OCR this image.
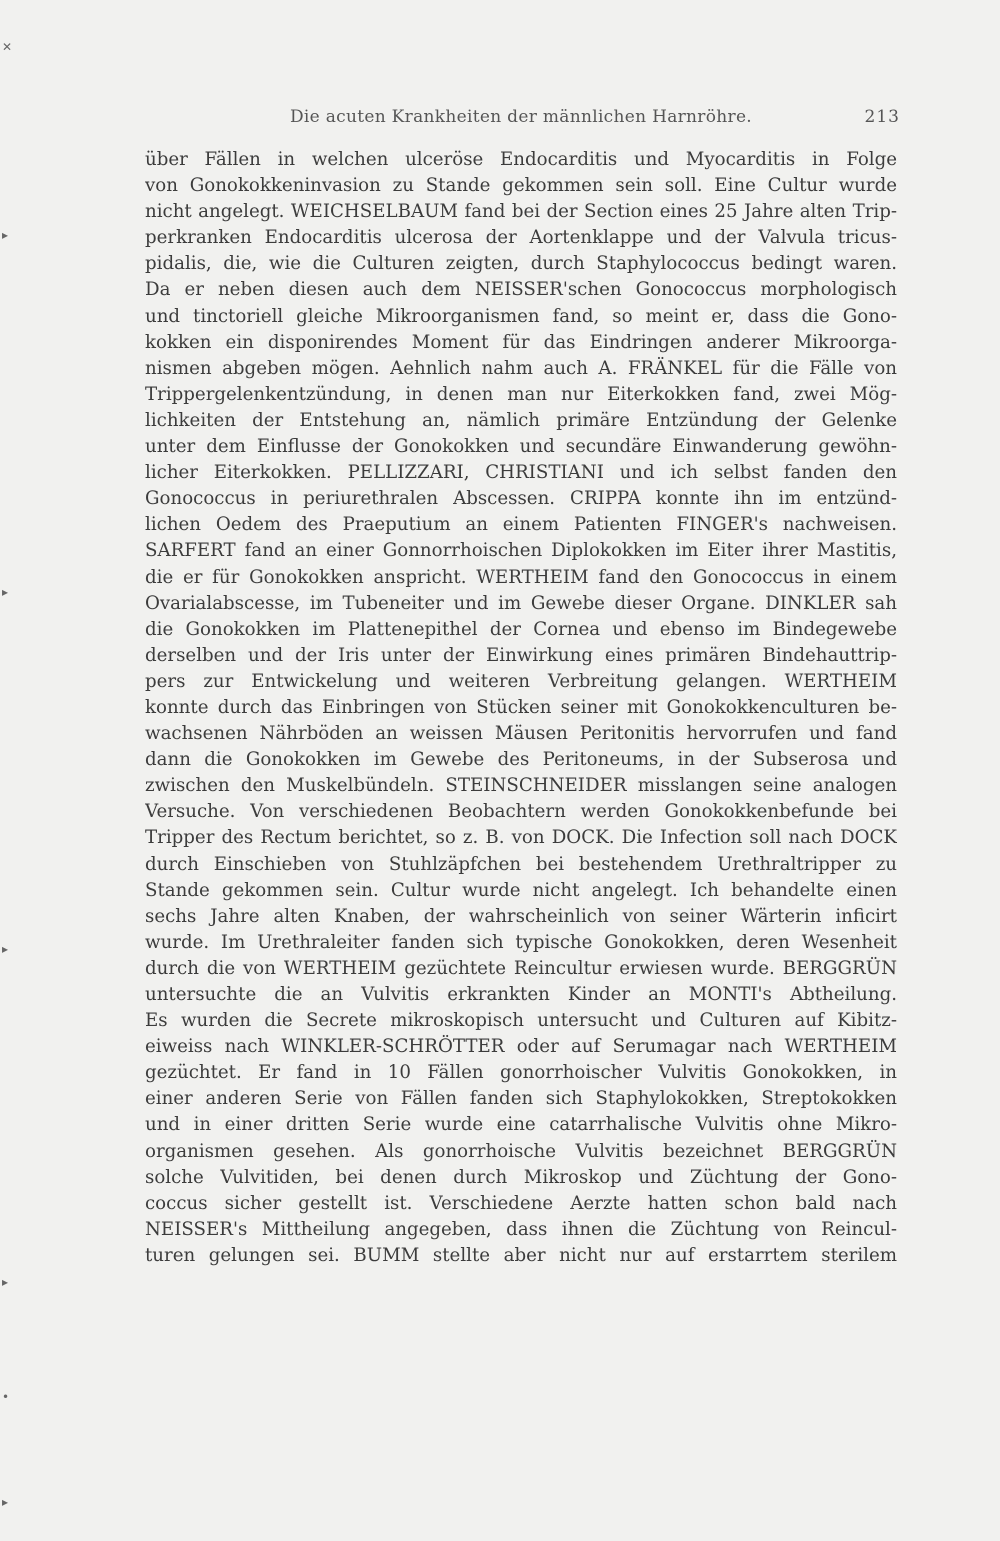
Die acuten Krankheiten der männlichen Harnröhre.	213
über Fällen in welchen ulceröse Endocarditis und Myocarditis in Folge
von Gonokokkeninvasion zu Stande gekommen sein soll. Eine Cultur wurde
nicht angelegt. WEICHSELBAUM fand bei der Section eines 25 Jahre alten Trip-
perkranken Endocarditis ulcerosa der Aortenklappe und der Valvula tricus-
pidalis, die, wie die Culturen zeigten, durch Staphylococcus bedingt waren.
Da er neben diesen auch dem NEISSER'schen Gonococcus morphologisch
und tinctoriell gleiche Mikroorganismen fand, so meint er, dass die Gono-
kokken ein disponirendes Moment für das Eindringen anderer Mikroorga-
nismen abgeben mögen. Aehnlich nahm auch A. FRÄNKEL für die Fälle von
Trippergelenkentzündung, in denen man nur Eiterkokken fand, zwei Mög-
lichkeiten der Entstehung an, nämlich primäre Entzündung der Gelenke
unter dem Einflusse der Gonokokken und secundäre Einwanderung gewöhn-
licher Eiterkokken. PELLIZZARI, CHRISTIANI und ich selbst fanden den
Gonococcus in periurethralen Abscessen. CRIPPA konnte ihn im entzünd-
lichen Oedem des Praeputium an einem Patienten FINGER's nachweisen.
SARFERT fand an einer Gonnorrhoischen Diplokokken im Eiter ihrer Mastitis,
die er für Gonokokken anspricht. WERTHEIM fand den Gonococcus in einem
Ovarialabscesse, im Tubeneiter und im Gewebe dieser Organe. DINKLER sah
die Gonokokken im Plattenepithel der Cornea und ebenso im Bindegewebe
derselben und der Iris unter der Einwirkung eines primären Bindehauttrip-
pers zur Entwickelung und weiteren Verbreitung gelangen. WERTHEIM
konnte durch das Einbringen von Stücken seiner mit Gonokokkenculturen be-
wachsenen Nährböden an weissen Mäusen Peritonitis hervorrufen und fand
dann die Gonokokken im Gewebe des Peritoneums, in der Subserosa und
zwischen den Muskelbündeln. STEINSCHNEIDER misslangen seine analogen
Versuche. Von verschiedenen Beobachtern werden Gonokokkenbefunde bei
Tripper des Rectum berichtet, so z. B. von DOCK. Die Infection soll nach DOCK
durch Einschieben von Stuhlzäpfchen bei bestehendem Urethraltripper zu
Stande gekommen sein. Cultur wurde nicht angelegt. Ich behandelte einen
sechs Jahre alten Knaben, der wahrscheinlich von seiner Wärterin inficirt
wurde. Im Urethraleiter fanden sich typische Gonokokken, deren Wesenheit
durch die von WERTHEIM gezüchtete Reincultur erwiesen wurde. BERGGRÜN
untersuchte die an Vulvitis erkrankten Kinder an MONTI's Abtheilung.
Es wurden die Secrete mikroskopisch untersucht und Culturen auf Kibitz-
eiweiss nach WINKLER-SCHRÖTTER oder auf Serumagar nach WERTHEIM
gezüchtet. Er fand in 10 Fällen gonorrhoischer Vulvitis Gonokokken, in
einer anderen Serie von Fällen fanden sich Staphylokokken, Streptokokken
und in einer dritten Serie wurde eine catarrhalische Vulvitis ohne Mikro-
organismen gesehen. Als gonorrhoische Vulvitis bezeichnet BERGGRÜN
solche Vulvitiden, bei denen durch Mikroskop und Züchtung der Gono-
coccus sicher gestellt ist. Verschiedene Aerzte hatten schon bald nach
NEISSER's Mittheilung angegeben, dass ihnen die Züchtung von Reincul-
turen gelungen sei. BUMM stellte aber nicht nur auf erstarrtem sterilem
✕
▸
▸
▸
▸
•
▸
